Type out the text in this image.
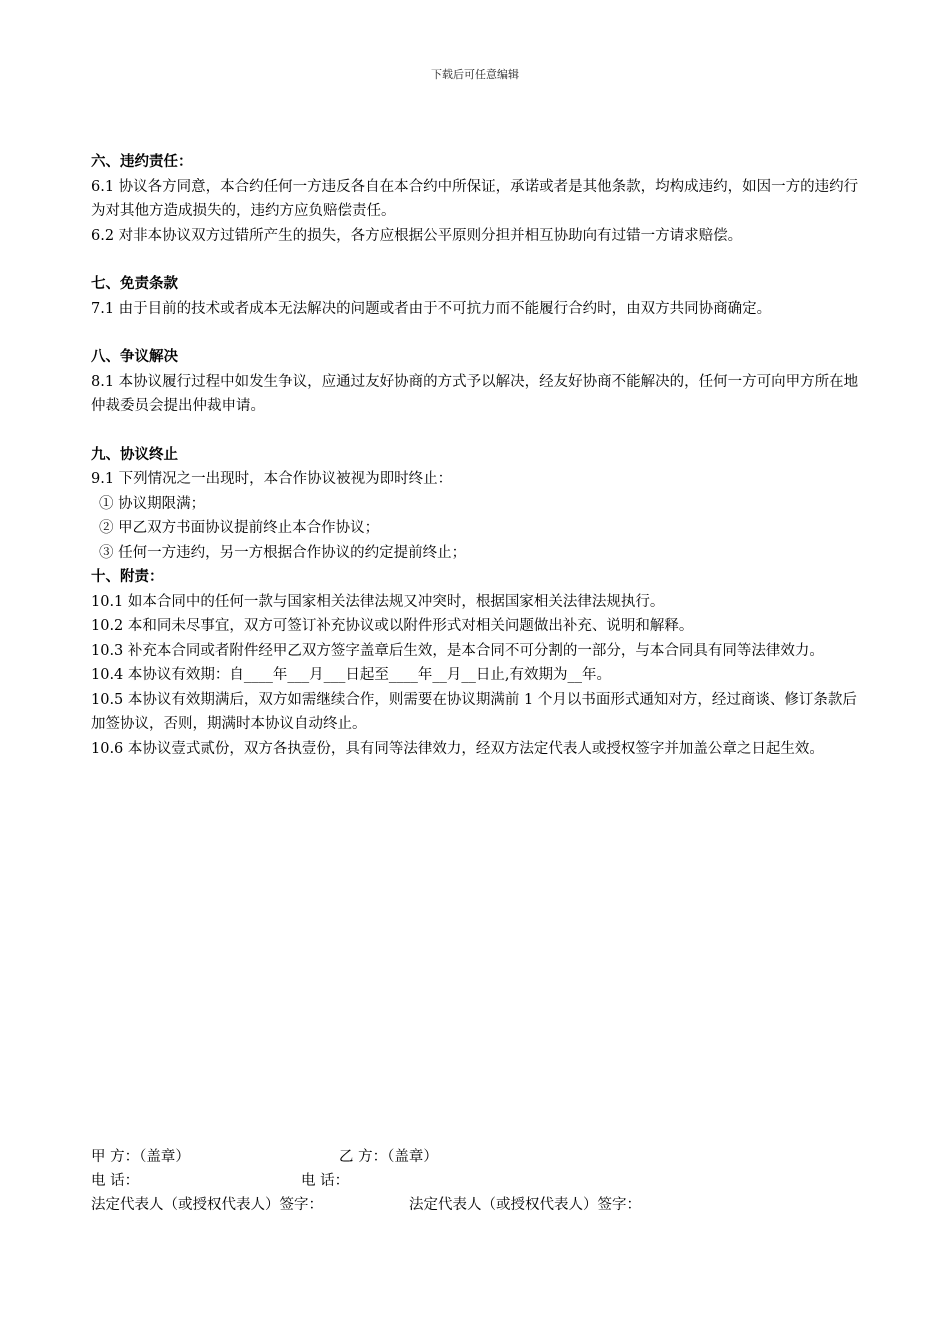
下载后可任意编辑

六、违约责任：

6.1 协议各方同意，本合约任何一方违反各自在本合约中所保证，承诺或者是其他条款，均构成违约，如因一方的违约行为对其他方造成损失的，违约方应负赔偿责任。

6.2 对非本协议双方过错所产生的损失，各方应根据公平原则分担并相互协助向有过错一方请求赔偿。

七、免责条款

7.1 由于目前的技术或者成本无法解决的问题或者由于不可抗力而不能履行合约时，由双方共同协商确定。

八、争议解决

8.1 本协议履行过程中如发生争议，应通过友好协商的方式予以解决，经友好协商不能解决的，任何一方可向甲方所在地仲裁委员会提出仲裁申请。

九、协议终止

9.1 下列情况之一出现时，本合作协议被视为即时终止：

① 协议期限满；

② 甲乙双方书面协议提前终止本合作协议；

③ 任何一方违约，另一方根据合作协议的约定提前终止；

十、附责：

10.1 如本合同中的任何一款与国家相关法律法规又冲突时，根据国家相关法律法规执行。

10.2 本和同未尽事宜，双方可签订补充协议或以附件形式对相关问题做出补充、说明和解释。

10.3 补充本合同或者附件经甲乙双方签字盖章后生效，是本合同不可分割的一部分，与本合同具有同等法律效力。

10.4 本协议有效期：自____年___月___日起至____年__月__日止,有效期为__年。

10.5 本协议有效期满后，双方如需继续合作，则需要在协议期满前 1 个月以书面形式通知对方，经过商谈、修订条款后加签协议，否则，期满时本协议自动终止。

10.6 本协议壹式贰份，双方各执壹份，具有同等法律效力，经双方法定代表人或授权签字并加盖公章之日起生效。

甲 方：（盖章）	乙 方：（盖章）
电 话：	电 话：
法定代表人（或授权代表人）签字：	法定代表人（或授权代表人）签字：
